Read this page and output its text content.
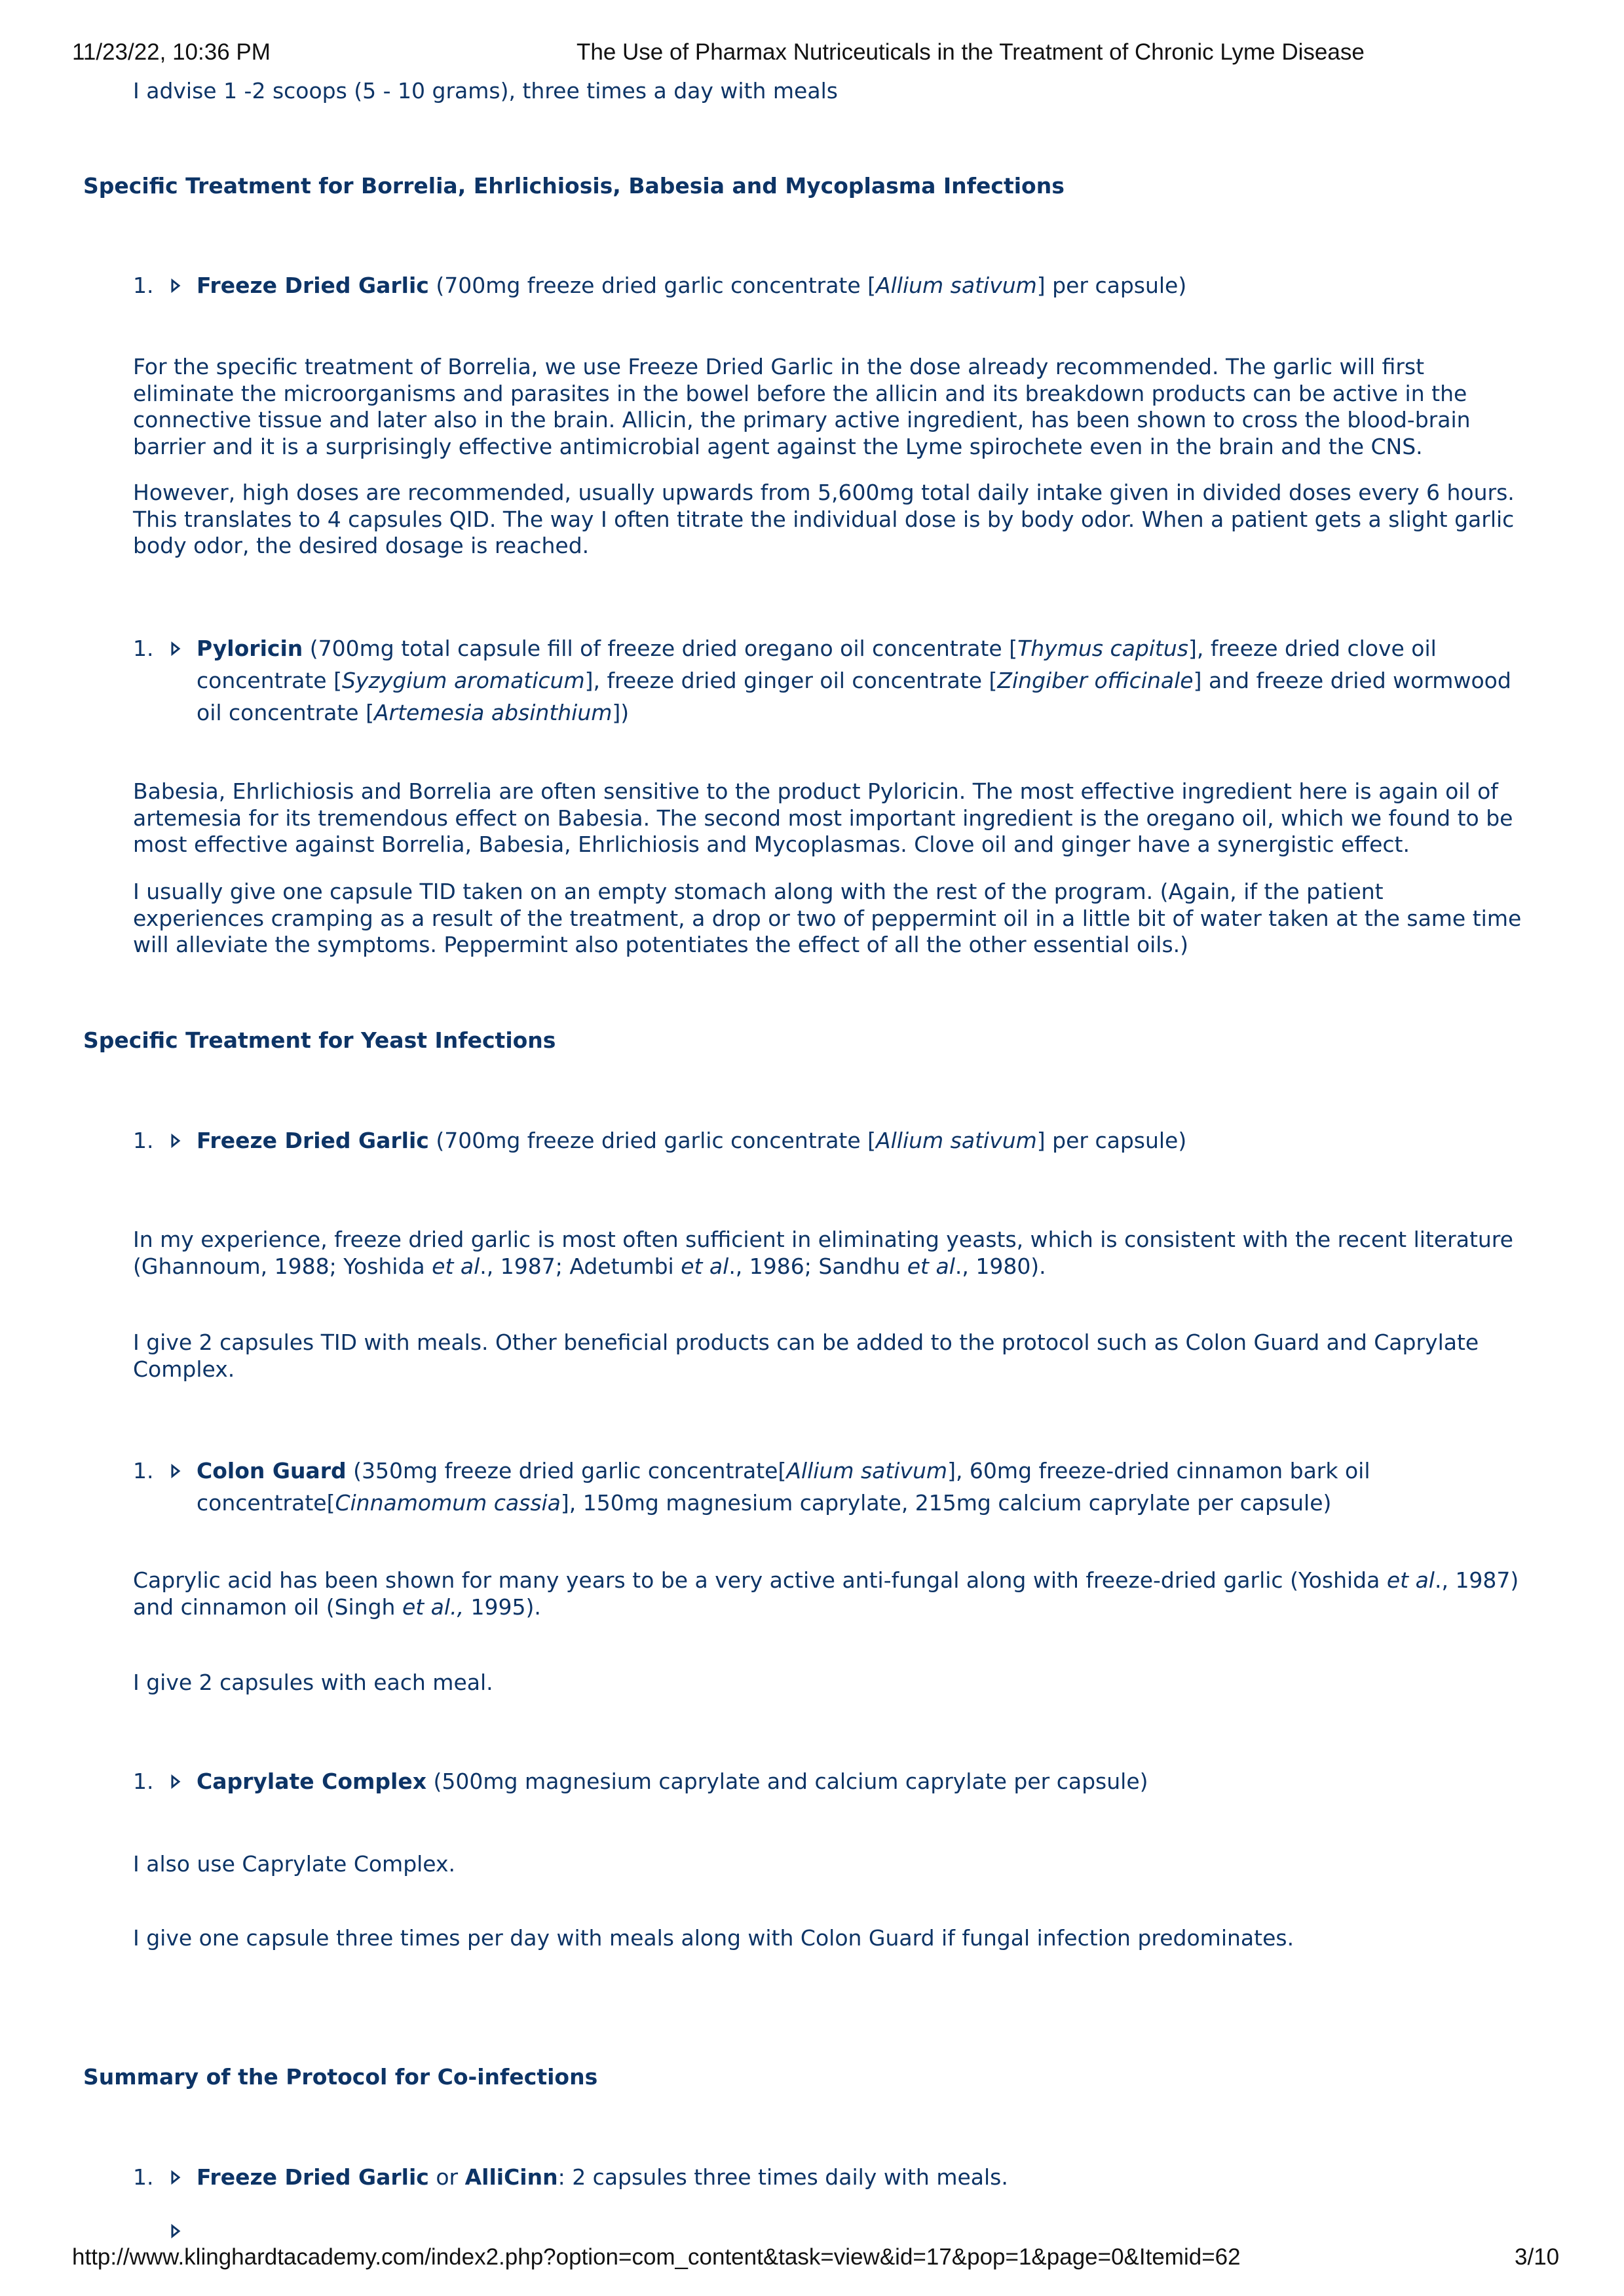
11/23/22, 10:36 PM	The Use of Pharmax Nutriceuticals in the Treatment of Chronic Lyme Disease
I advise 1 -2 scoops (5 - 10 grams), three times a day with meals
Specific Treatment for Borrelia, Ehrlichiosis, Babesia and Mycoplasma Infections
1. Freeze Dried Garlic (700mg freeze dried garlic concentrate [Allium sativum] per capsule)
For the specific treatment of Borrelia, we use Freeze Dried Garlic in the dose already recommended. The garlic will first
eliminate the microorganisms and parasites in the bowel before the allicin and its breakdown products can be active in the
connective tissue and later also in the brain. Allicin, the primary active ingredient, has been shown to cross the blood-brain
barrier and it is a surprisingly effective antimicrobial agent against the Lyme spirochete even in the brain and the CNS.
However, high doses are recommended, usually upwards from 5,600mg total daily intake given in divided doses every 6 hours.
This translates to 4 capsules QID. The way I often titrate the individual dose is by body odor. When a patient gets a slight garlic
body odor, the desired dosage is reached.
1. Pyloricin (700mg total capsule fill of freeze dried oregano oil concentrate [Thymus capitus], freeze dried clove oil
concentrate [Syzygium aromaticum], freeze dried ginger oil concentrate [Zingiber officinale] and freeze dried wormwood
oil concentrate [Artemesia absinthium])
Babesia, Ehrlichiosis and Borrelia are often sensitive to the product Pyloricin. The most effective ingredient here is again oil of
artemesia for its tremendous effect on Babesia. The second most important ingredient is the oregano oil, which we found to be
most effective against Borrelia, Babesia, Ehrlichiosis and Mycoplasmas. Clove oil and ginger have a synergistic effect.
I usually give one capsule TID taken on an empty stomach along with the rest of the program. (Again, if the patient
experiences cramping as a result of the treatment, a drop or two of peppermint oil in a little bit of water taken at the same time
will alleviate the symptoms. Peppermint also potentiates the effect of all the other essential oils.)
Specific Treatment for Yeast Infections
1. Freeze Dried Garlic (700mg freeze dried garlic concentrate [Allium sativum] per capsule)
In my experience, freeze dried garlic is most often sufficient in eliminating yeasts, which is consistent with the recent literature
(Ghannoum, 1988; Yoshida et al., 1987; Adetumbi et al., 1986; Sandhu et al., 1980).
I give 2 capsules TID with meals. Other beneficial products can be added to the protocol such as Colon Guard and Caprylate
Complex.
1. Colon Guard (350mg freeze dried garlic concentrate[Allium sativum], 60mg freeze-dried cinnamon bark oil
concentrate[Cinnamomum cassia], 150mg magnesium caprylate, 215mg calcium caprylate per capsule)
Caprylic acid has been shown for many years to be a very active anti-fungal along with freeze-dried garlic (Yoshida et al., 1987)
and cinnamon oil (Singh et al., 1995).
I give 2 capsules with each meal.
1. Caprylate Complex (500mg magnesium caprylate and calcium caprylate per capsule)
I also use Caprylate Complex.
I give one capsule three times per day with meals along with Colon Guard if fungal infection predominates.
Summary of the Protocol for Co-infections
1. Freeze Dried Garlic or AlliCinn: 2 capsules three times daily with meals.
http://www.klinghardtacademy.com/index2.php?option=com_content&task=view&id=17&pop=1&page=0&Itemid=62	3/10
